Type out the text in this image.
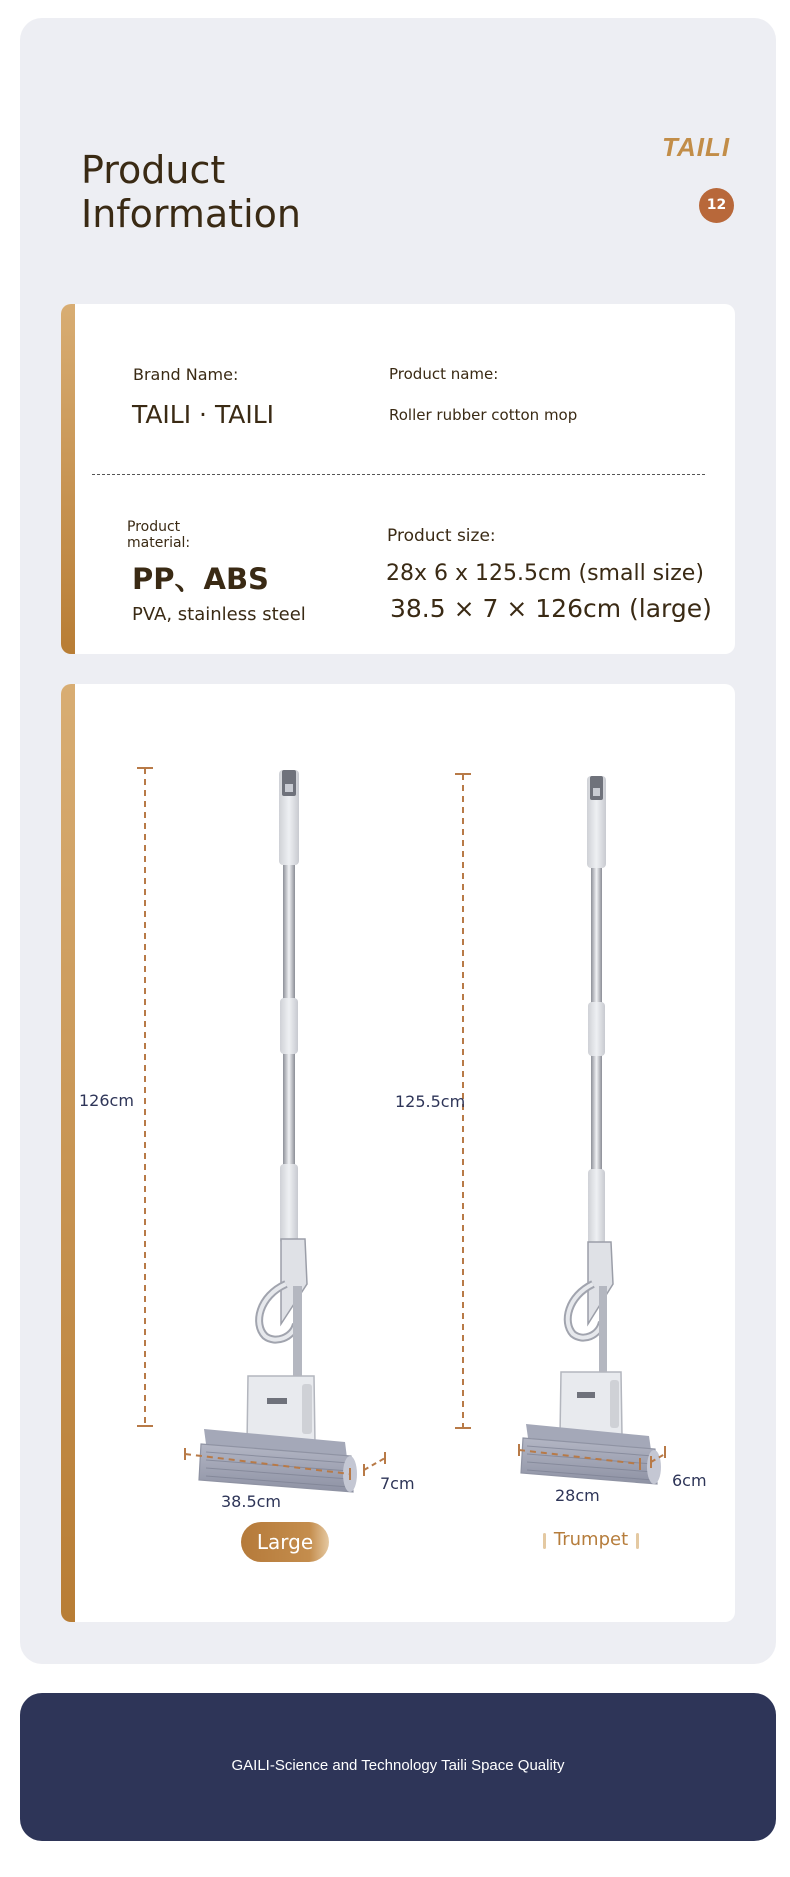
Product
Information
TAILI
12
Brand Name:
TAILI · TAILI
Product name:
Roller rubber cotton mop
Product
material:
PP、ABS
PVA, stainless steel
Product size:
28x 6 x 125.5cm (small size)
38.5 × 7 × 126cm (large)
126cm
38.5cm
7cm
125.5cm
28cm
6cm
Large	Trumpet
GAILI-Science and Technology Taili Space Quality
